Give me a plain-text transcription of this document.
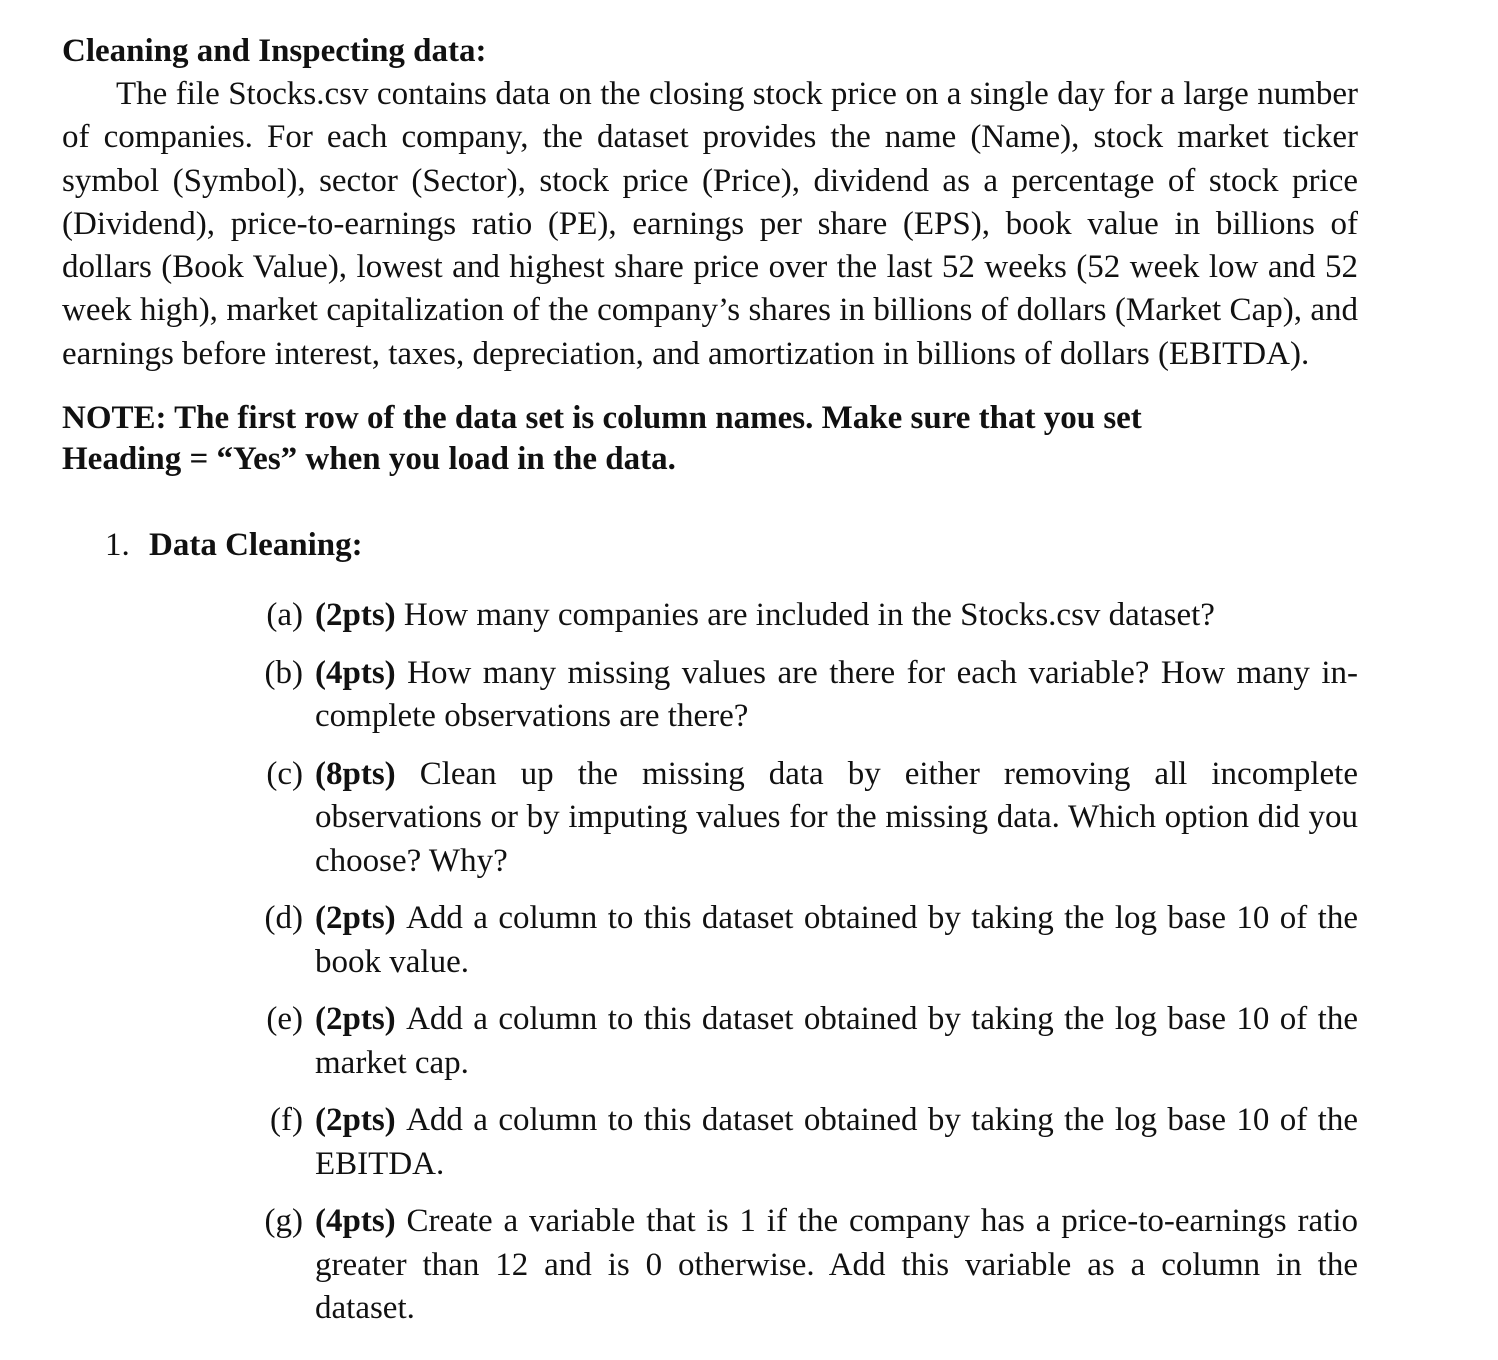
Cleaning and Inspecting data:

The file Stocks.csv contains data on the closing stock price on a single day for a large number of companies. For each company, the dataset provides the name (Name), stock market ticker symbol (Symbol), sector (Sector), stock price (Price), dividend as a percentage of stock price (Dividend), price-to-earnings ratio (PE), earnings per share (EPS), book value in billions of dollars (Book Value), lowest and highest share price over the last 52 weeks (52 week low and 52 week high), market capitalization of the company’s shares in billions of dollars (Market Cap), and earnings before interest, taxes, depreciation, and amortization in billions of dollars (EBITDA).

NOTE: The first row of the data set is column names. Make sure that you set Heading = “Yes” when you load in the data.

1. Data Cleaning:
(a) (2pts) How many companies are included in the Stocks.csv dataset?
(b) (4pts) How many missing values are there for each variable? How many incomplete observations are there?
(c) (8pts) Clean up the missing data by either removing all incomplete observations or by imputing values for the missing data. Which option did you choose? Why?
(d) (2pts) Add a column to this dataset obtained by taking the log base 10 of the book value.
(e) (2pts) Add a column to this dataset obtained by taking the log base 10 of the market cap.
(f) (2pts) Add a column to this dataset obtained by taking the log base 10 of the EBITDA.
(g) (4pts) Create a variable that is 1 if the company has a price-to-earnings ratio greater than 12 and is 0 otherwise. Add this variable as a column in the dataset.
